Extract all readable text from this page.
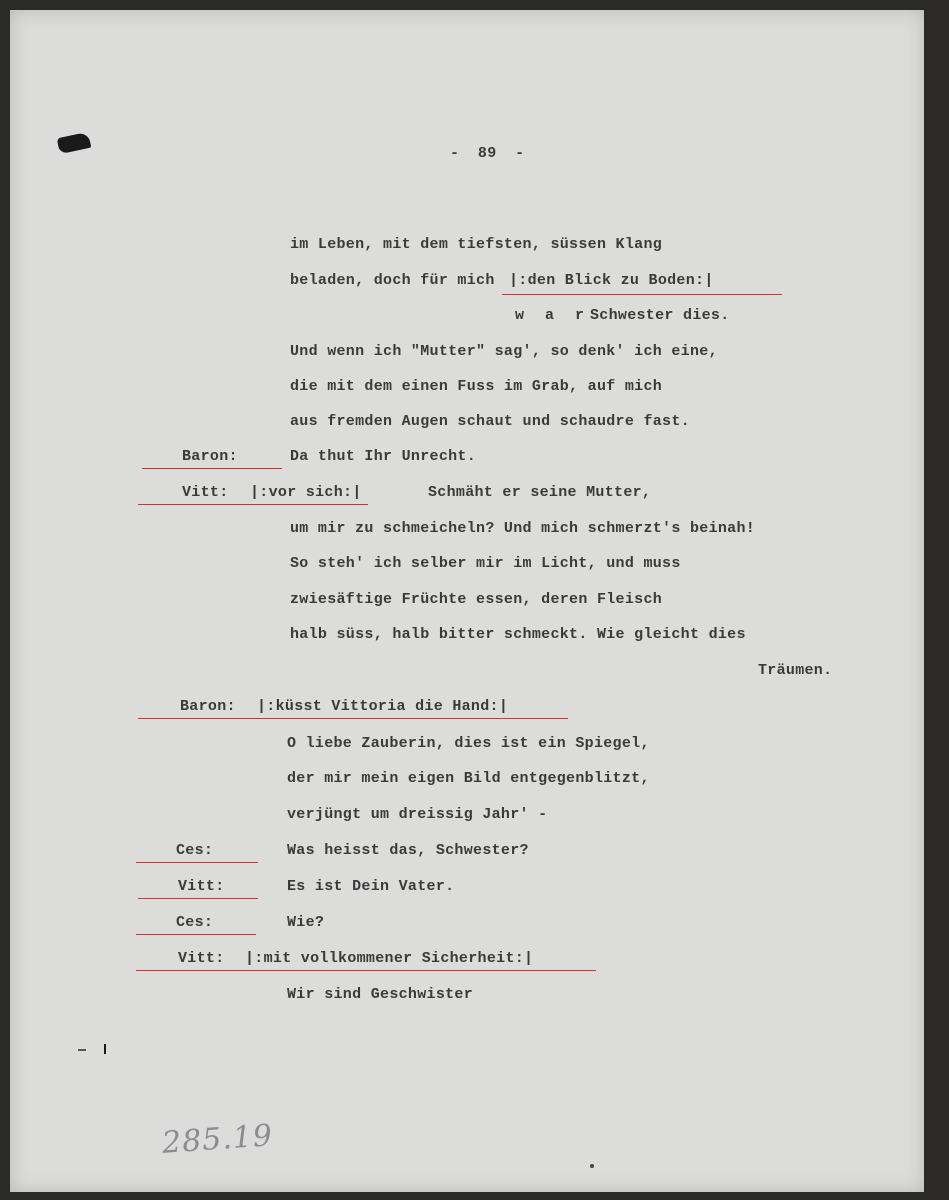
-  89  -
im Leben, mit dem tiefsten, süssen Klang
beladen, doch für mich |:den Blick zu Boden:|
w a r Schwester dies.
Und wenn ich "Mutter" sag', so denk' ich eine,
die mit dem einen Fuss im Grab, auf mich
aus fremden Augen schaut und schaudre fast.
Baron:	Da thut Ihr Unrecht.
Vitt: |:vor sich:|	Schmäht er seine Mutter,
um mir zu schmeicheln? Und mich schmerzt's beinah!
So steh' ich selber mir im Licht, und muss
zwiesäftige Früchte essen, deren Fleisch
halb süss, halb bitter schmeckt. Wie gleicht dies
Träumen.
Baron: |:küsst Vittoria die Hand:|
O liebe Zauberin, dies ist ein Spiegel,
der mir mein eigen Bild entgegenblitzt,
verjüngt um dreissig Jahr' -
Ces:	Was heisst das, Schwester?
Vitt:	Es ist Dein Vater.
Ces:	Wie?
Vitt: |:mit vollkommener Sicherheit:|
Wir sind Geschwister
285.19
